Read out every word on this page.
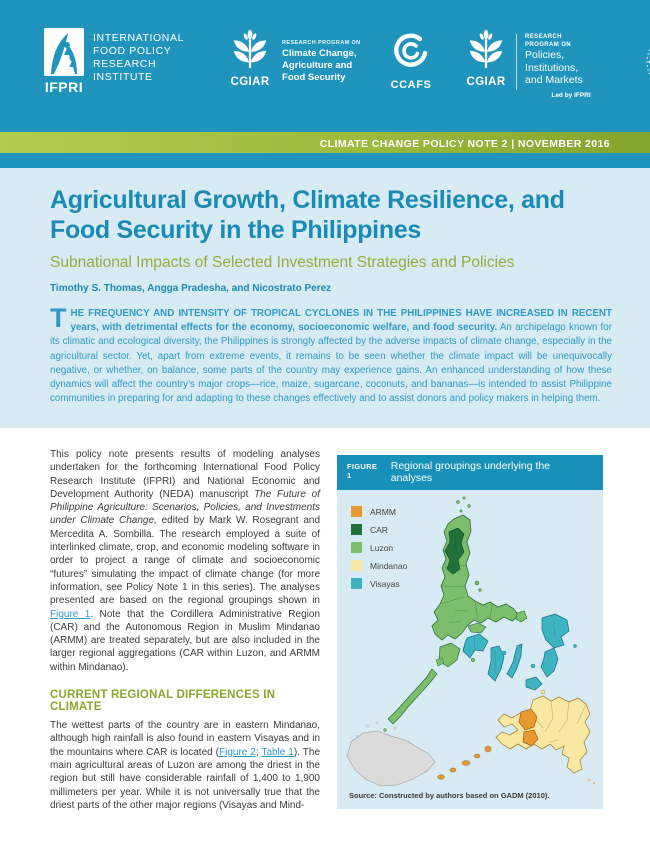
IFPRI
INTERNATIONAL
FOOD POLICY
RESEARCH
INSTITUTE	CGIAR
RESEARCH PROGRAM ON
Climate Change,
Agriculture and
Food Security
CCAFS	CGIAR
RESEARCH
PROGRAM ON
Policies,
Institutions,
and Markets
Led by IFPRI
CLIMATE CHANGE POLICY NOTE 2 | NOVEMBER 2016
Agricultural Growth, Climate Resilience, and
Food Security in the Philippines
Subnational Impacts of Selected Investment Strategies and Policies
Timothy S. Thomas, Angga Pradesha, and Nicostrato Perez
THE FREQUENCY AND INTENSITY OF TROPICAL CYCLONES IN THE PHILIPPINES HAVE INCREASED IN RECENT years, with detrimental effects for the economy, socioeconomic welfare, and food security. An archipelago known for its climatic and ecological diversity, the Philippines is strongly affected by the adverse impacts of climate change, especially in the agricultural sector. Yet, apart from extreme events, it remains to be seen whether the climate impact will be unequivocally negative, or whether, on balance, some parts of the country may experience gains. An enhanced understanding of how these dynamics will affect the country’s major crops—rice, maize, sugarcane, coconuts, and bananas—is intended to assist Philippine communities in preparing for and adapting to these changes effectively and to assist donors and policy makers in helping them.

This policy note presents results of modeling analyses undertaken for the forthcoming International Food Policy Research Institute (IFPRI) and National Economic and Development Authority (NEDA) manuscript The Future of Philippine Agriculture: Scenarios, Policies, and Investments under Climate Change, edited by Mark W. Rosegrant and Mercedita A. Sombilla. The research employed a suite of interlinked climate, crop, and economic modeling software in order to project a range of climate and socioeconomic “futures” simulating the impact of climate change (for more information, see Policy Note 1 in this series). The analyses presented are based on the regional groupings shown in Figure 1. Note that the Cordillera Administrative Region (CAR) and the Autonomous Region in Muslim Mindanao (ARMM) are treated separately, but are also included in the larger regional aggregations (CAR within Luzon, and ARMM within Mindanao).

CURRENT REGIONAL DIFFERENCES IN CLIMATE

The wettest parts of the country are in eastern Mindanao, although high rainfall is also found in eastern Visayas and in the mountains where CAR is located (Figure 2; Table 1). The main agricultural areas of Luzon are among the driest in the region but still have considerable rainfall of 1,400 to 1,900 millimeters per year. While it is not universally true that the driest parts of the other major regions (Visayas and Mind-

FIGURE 1
Regional groupings underlying the analyses
ARMM
CAR
Luzon
Mindanao
Visayas
Source: Constructed by authors based on GADM (2010).
